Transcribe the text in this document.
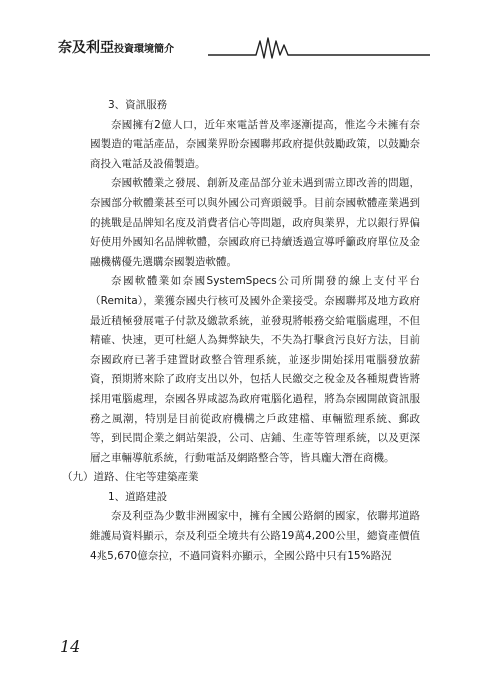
奈及利亞投資環境簡介

3、資訊服務

奈國擁有2億人口，近年來電話普及率逐漸提高，惟迄今未擁有奈國製造的電話產品，奈國業界盼奈國聯邦政府提供鼓勵政策，以鼓勵奈商投入電話及設備製造。

奈國軟體業之發展、創新及產品部分並未遇到需立即改善的問題，奈國部分軟體業甚至可以與外國公司齊頭競爭。目前奈國軟體產業遇到的挑戰是品牌知名度及消費者信心等問題，政府與業界，尤以銀行界偏好使用外國知名品牌軟體，奈國政府已持續透過宣導呼籲政府單位及金融機構優先選購奈國製造軟體。

奈國軟體業如奈國SystemSpecs公司所開發的線上支付平台（Remita），業獲奈國央行核可及國外企業接受。奈國聯邦及地方政府最近積極發展電子付款及繳款系統，並發現將帳務交給電腦處理，不但精確、快速，更可杜絕人為舞弊缺失，不失為打擊貪污良好方法，目前奈國政府已著手建置財政整合管理系統，並逐步開始採用電腦發放薪資，預期將來除了政府支出以外，包括人民繳交之稅金及各種規費皆將採用電腦處理，奈國各界咸認為政府電腦化過程，將為奈國開啟資訊服務之風潮，特別是目前從政府機構之戶政建檔、車輛監理系統、郵政等，到民間企業之網站架設，公司、店鋪、生產等管理系統，以及更深層之車輛導航系統，行動電話及網路整合等，皆具龐大潛在商機。

（九）道路、住宅等建築產業

1、道路建設

奈及利亞為少數非洲國家中，擁有全國公路網的國家，依聯邦道路維護局資料顯示，奈及利亞全境共有公路19萬4,200公里，總資產價值4兆5,670億奈拉，不過同資料亦顯示，全國公路中只有15%路況

14
